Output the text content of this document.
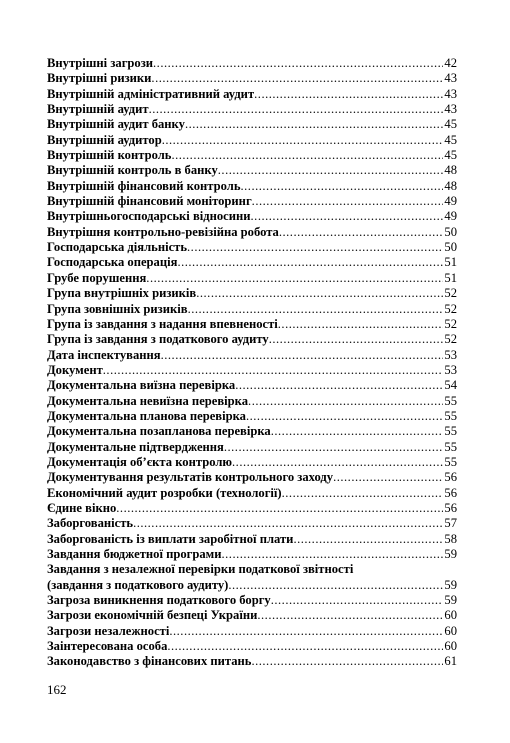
Внутрішні загрози .....	42
Внутрішні ризики .....	43
Внутрішній адміністративний аудит .....	43
Внутрішній аудит .....	43
Внутрішній аудит банку .....	45
Внутрішній аудитор .....	45
Внутрішній контроль .....	45
Внутрішній контроль в банку .....	48
Внутрішній фінансовий контроль .....	48
Внутрішній фінансовий моніторинг .....	49
Внутрішньогосподарські відносини .....	49
Внутрішня контрольно-ревізійна робота .....	50
Господарська діяльність .....	50
Господарська операція .....	51
Грубе порушення .....	51
Група внутрішніх ризиків .....	52
Група зовнішніх ризиків .....	52
Група із завдання з надання впевненості .....	52
Група із завдання з податкового аудиту .....	52
Дата інспектування .....	53
Документ .....	53
Документальна виїзна перевірка .....	54
Документальна невиїзна перевірка .....	55
Документальна планова перевірка .....	55
Документальна позапланова перевірка .....	55
Документальне підтвердження .....	55
Документація об’єкта контролю .....	55
Документування результатів контрольного заходу .....	56
Економічний аудит розробки (технології) .....	56
Єдине вікно .....	56
Заборгованість .....	57
Заборгованість із виплати заробітної плати .....	58
Завдання бюджетної програми .....	59
Завдання з незалежної перевірки податкової звітності
(завдання з податкового аудиту) .....	59
Загроза виникнення податкового боргу .....	59
Загрози економічній безпеці України .....	60
Загрози незалежності .....	60
Заінтересована особа .....	60
Законодавство з фінансових питань .....	61
162
